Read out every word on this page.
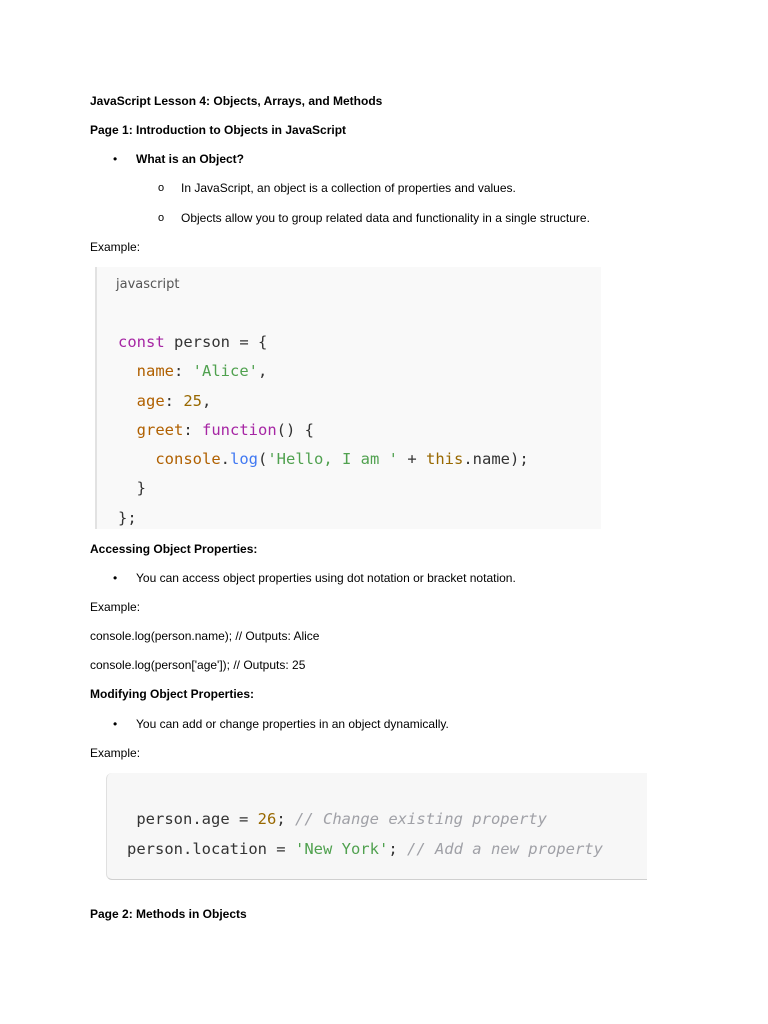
JavaScript Lesson 4: Objects, Arrays, and Methods
Page 1: Introduction to Objects in JavaScript
• What is an Object?
o In JavaScript, an object is a collection of properties and values.
o Objects allow you to group related data and functionality in a single structure.
Example:
javascript
const person = {
name: 'Alice',
age: 25,
greet: function() {
console.log('Hello, I am ' + this.name);
}
};
Accessing Object Properties:
• You can access object properties using dot notation or bracket notation.
Example:
console.log(person.name); // Outputs: Alice
console.log(person['age']); // Outputs: 25
Modifying Object Properties:
• You can add or change properties in an object dynamically.
Example:
person.age = 26; // Change existing property
person.location = 'New York'; // Add a new property
Page 2: Methods in Objects
